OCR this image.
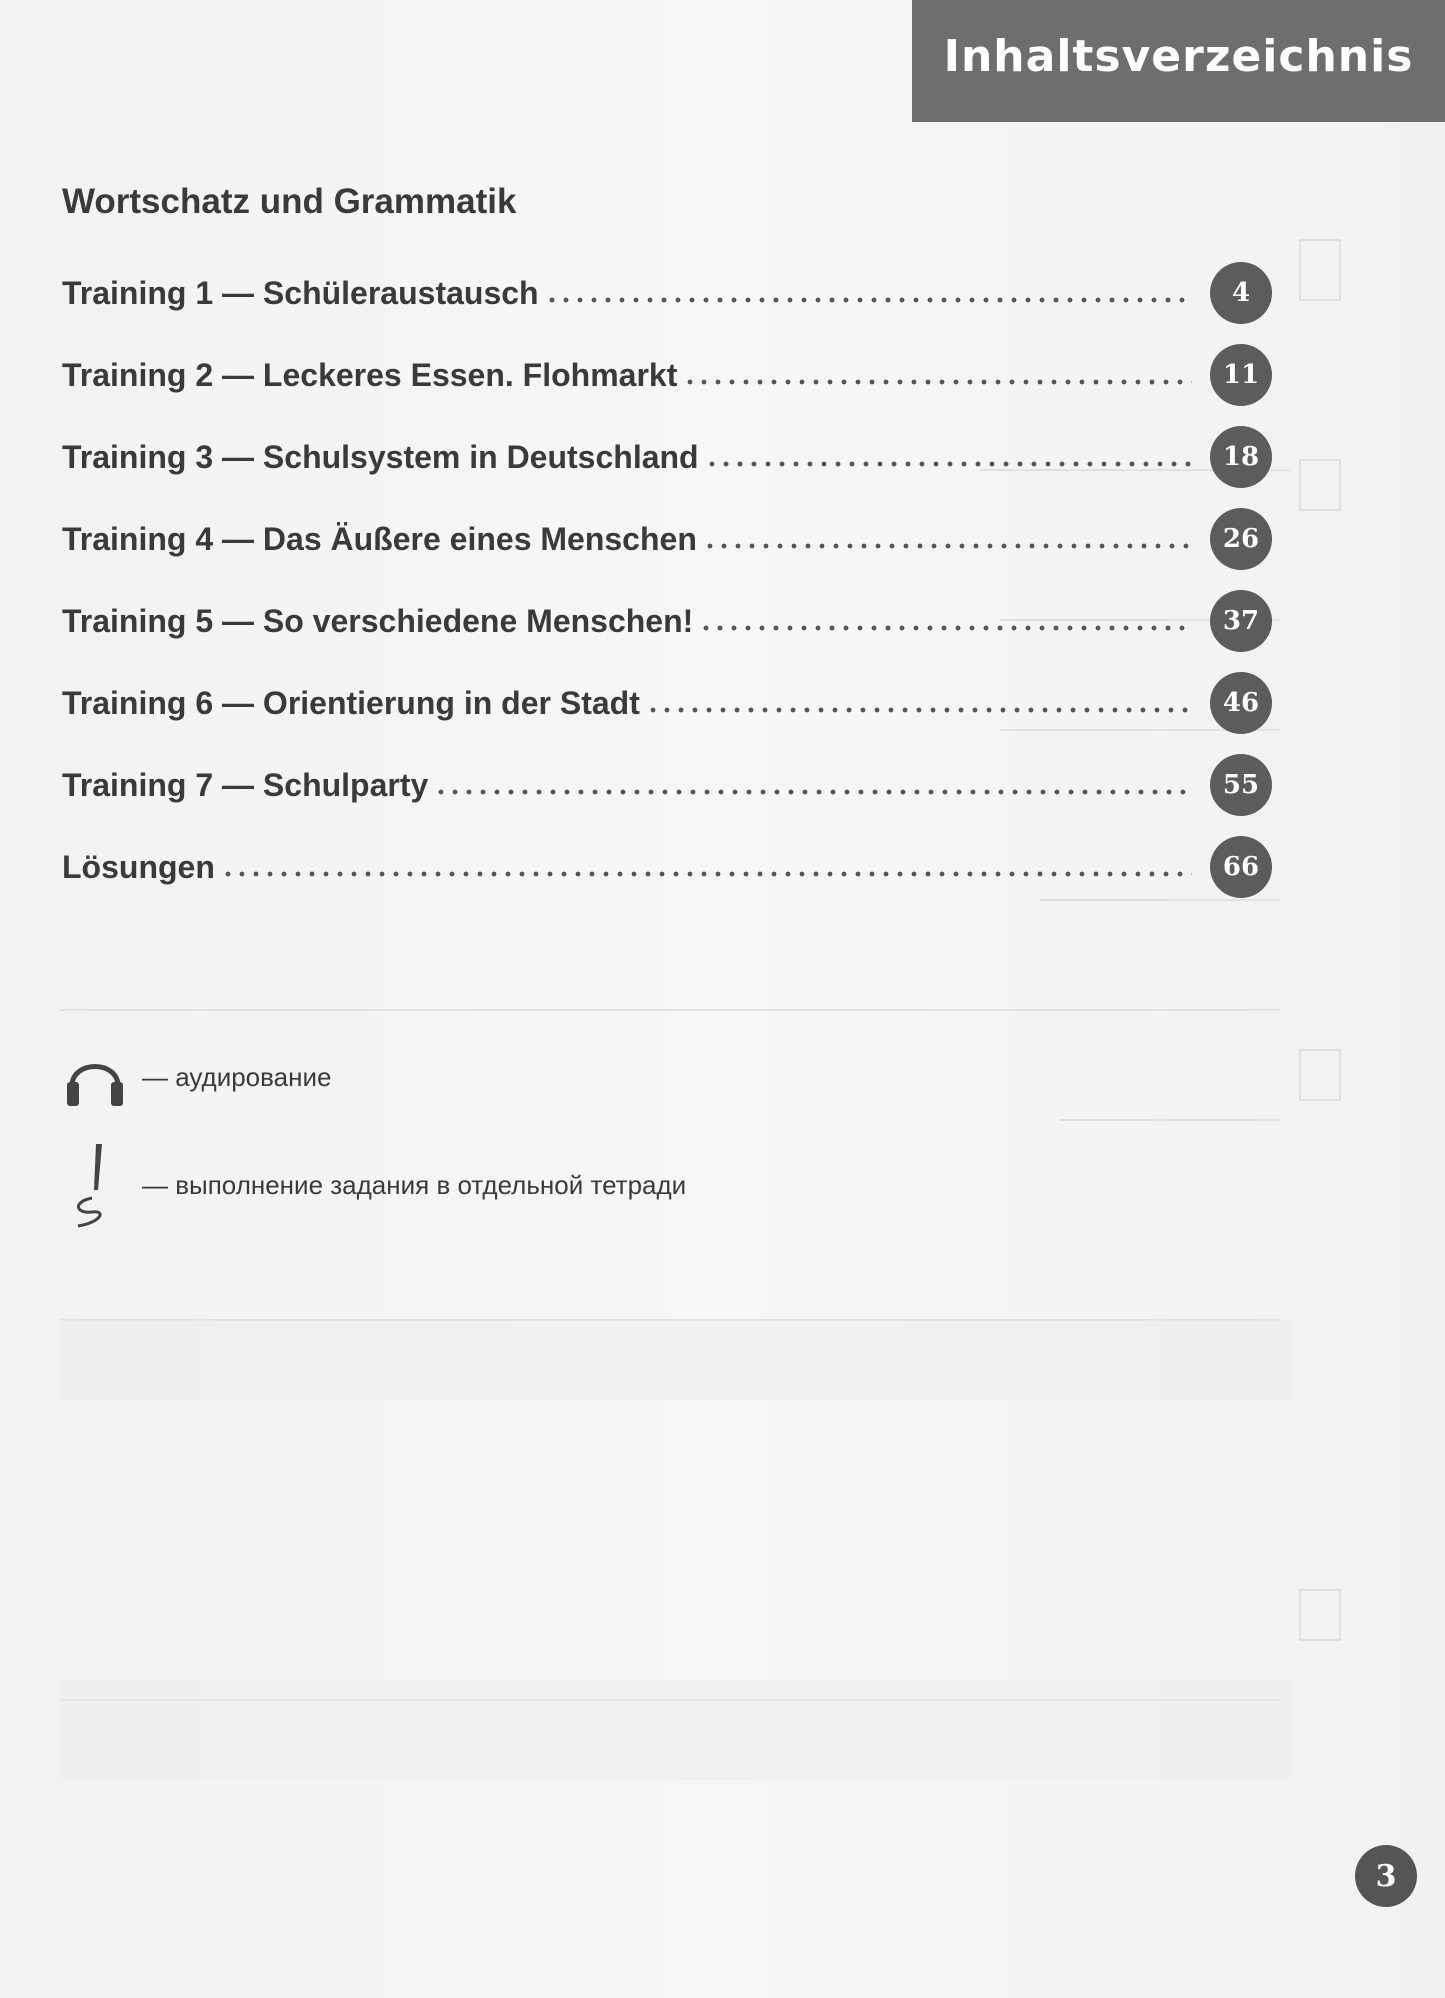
Inhaltsverzeichnis
Wortschatz und Grammatik
Training 1 — Schüleraustausch	4
Training 2 — Leckeres Essen. Flohmarkt	11
Training 3 — Schulsystem in Deutschland	18
Training 4 — Das Äußere eines Menschen	26
Training 5 — So verschiedene Menschen!	37
Training 6 — Orientierung in der Stadt	46
Training 7 — Schulparty	55
Lösungen	66
— аудирование
— выполнение задания в отдельной тетради
3
